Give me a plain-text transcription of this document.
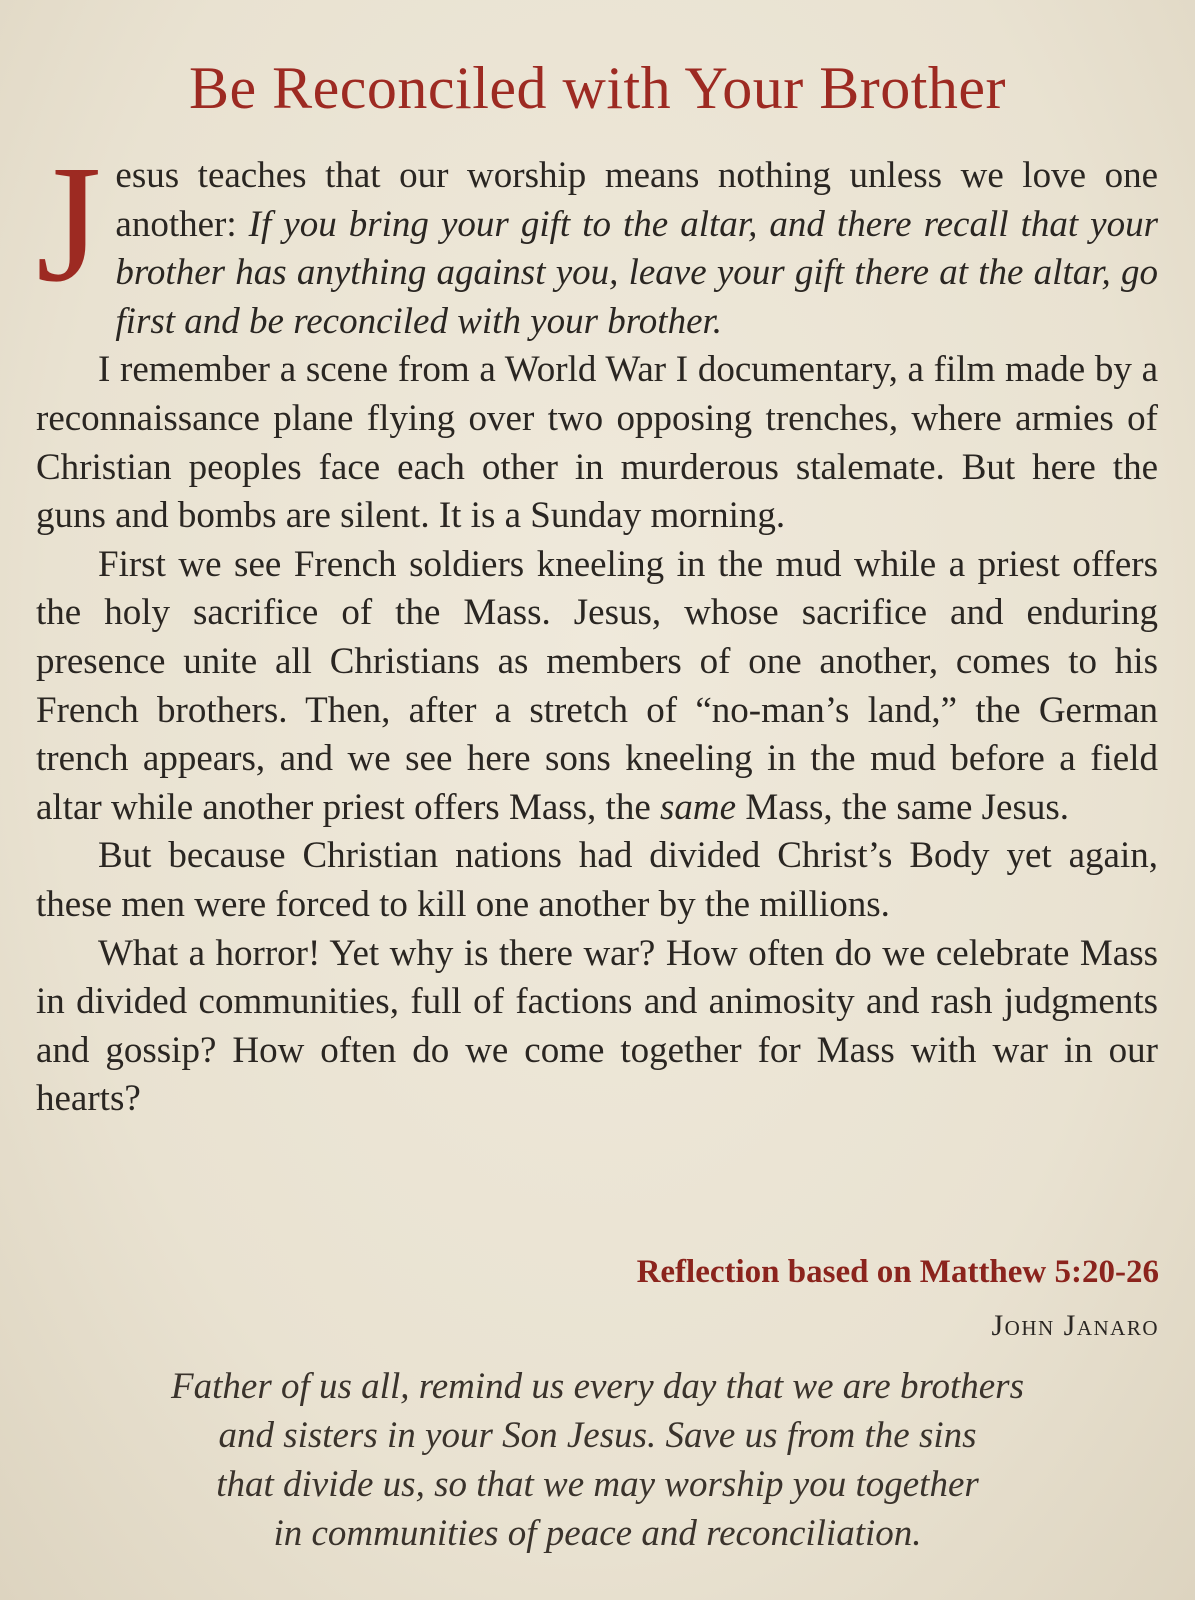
Be Reconciled with Your Brother

Jesus teaches that our worship means nothing unless we love one another: If you bring your gift to the altar, and there recall that your brother has anything against you, leave your gift there at the altar, go first and be reconciled with your brother.

I remember a scene from a World War I documentary, a film made by a reconnaissance plane flying over two opposing trenches, where armies of Christian peoples face each other in murderous stalemate. But here the guns and bombs are silent. It is a Sunday morning.

First we see French soldiers kneeling in the mud while a priest offers the holy sacrifice of the Mass. Jesus, whose sacrifice and enduring presence unite all Christians as members of one another, comes to his French brothers. Then, after a stretch of “no-man’s land,” the German trench appears, and we see here sons kneeling in the mud before a field altar while another priest offers Mass, the same Mass, the same Jesus.

But because Christian nations had divided Christ’s Body yet again, these men were forced to kill one another by the millions.

What a horror! Yet why is there war? How often do we celebrate Mass in divided communities, full of factions and animosity and rash judgments and gossip? How often do we come together for Mass with war in our hearts?

Reflection based on Matthew 5:20-26
John Janaro
Father of us all, remind us every day that we are brothers
and sisters in your Son Jesus. Save us from the sins
that divide us, so that we may worship you together
in communities of peace and reconciliation.
